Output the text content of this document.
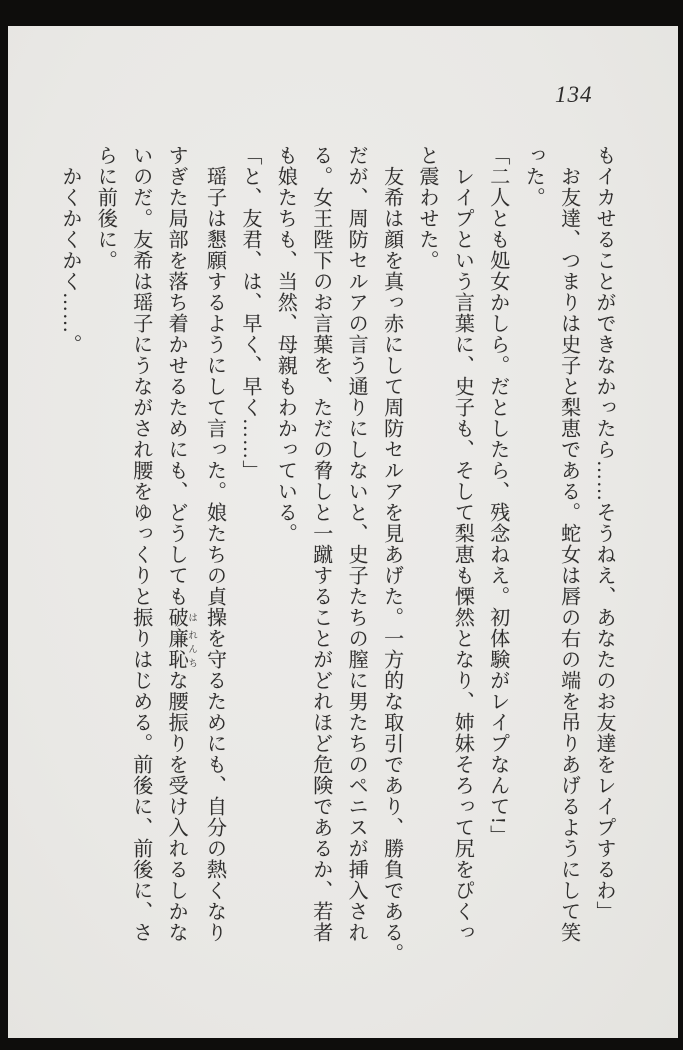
134

もイカせることができなかったら……そうねえ、あなたのお友達をレイプするわ」

お友達、つまりは史子と梨恵である。蛇女は唇の右の端を吊りあげるようにして笑

った。

「二人とも処女かしら。だとしたら、残念ねえ。初体験がレイプなんて!」

レイプという言葉に、史子も、そして梨恵も慄然となり、姉妹そろって尻をぴくっ

と震わせた。

友希は顔を真っ赤にして周防セルアを見あげた。一方的な取引であり、勝負である。

だが、周防セルアの言う通りにしないと、史子たちの膣に男たちのペニスが挿入され

る。女王陛下のお言葉を、ただの脅しと一蹴することがどれほど危険であるか、若者

も娘たちも、当然、母親もわかっている。

「と、友君、は、早く、早く……」

瑶子は懇願するようにして言った。娘たちの貞操を守るためにも、自分の熱くなり

すぎた局部を落ち着かせるためにも、どうしても破 は廉恥 れんちな腰振りを受け入れるしかな

いのだ。友希は瑶子にうながされ腰をゆっくりと振りはじめる。前後に、前後に、さ

らに前後に。

かくかくかく……。
